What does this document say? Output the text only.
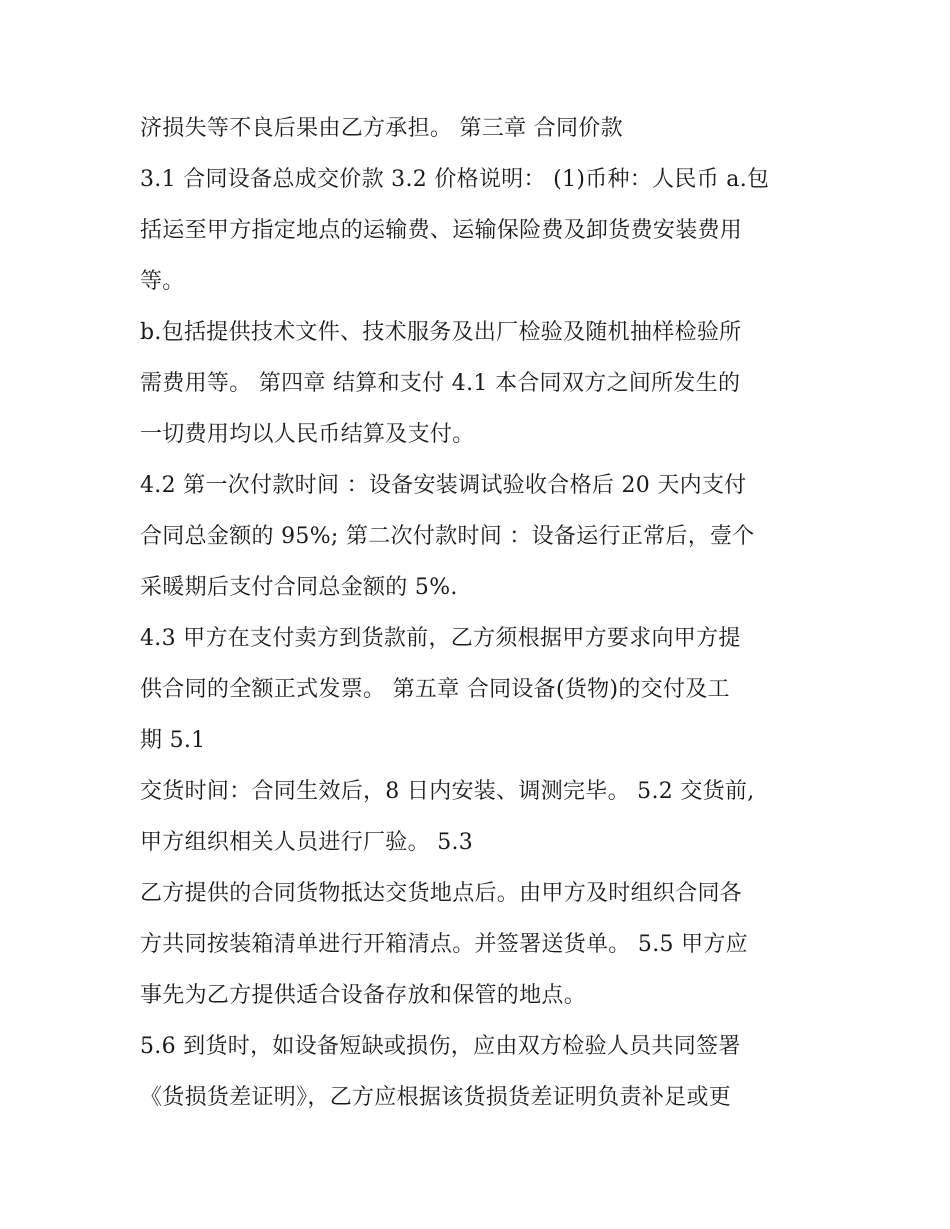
济损失等不良后果由乙方承担。 第三章 合同价款
3.1 合同设备总成交价款 3.2 价格说明： (1)币种：人民币 a.包
括运至甲方指定地点的运输费、运输保险费及卸货费安装费用
等。
b.包括提供技术文件、技术服务及出厂检验及随机抽样检验所
需费用等。 第四章 结算和支付 4.1 本合同双方之间所发生的
一切费用均以人民币结算及支付。
4.2 第一次付款时间 ：设备安装调试验收合格后 20 天内支付
合同总金额的 95%; 第二次付款时间 ：设备运行正常后，壹个
采暖期后支付合同总金额的 5%.
4.3 甲方在支付卖方到货款前，乙方须根据甲方要求向甲方提
供合同的全额正式发票。 第五章 合同设备(货物)的交付及工
期 5.1
交货时间：合同生效后，8 日内安装、调测完毕。 5.2 交货前,
甲方组织相关人员进行厂验。 5.3
乙方提供的合同货物抵达交货地点后。由甲方及时组织合同各
方共同按装箱清单进行开箱清点。并签署送货单。 5.5 甲方应
事先为乙方提供适合设备存放和保管的地点。
5.6 到货时，如设备短缺或损伤，应由双方检验人员共同签署
《货损货差证明》，乙方应根据该货损货差证明负责补足或更
